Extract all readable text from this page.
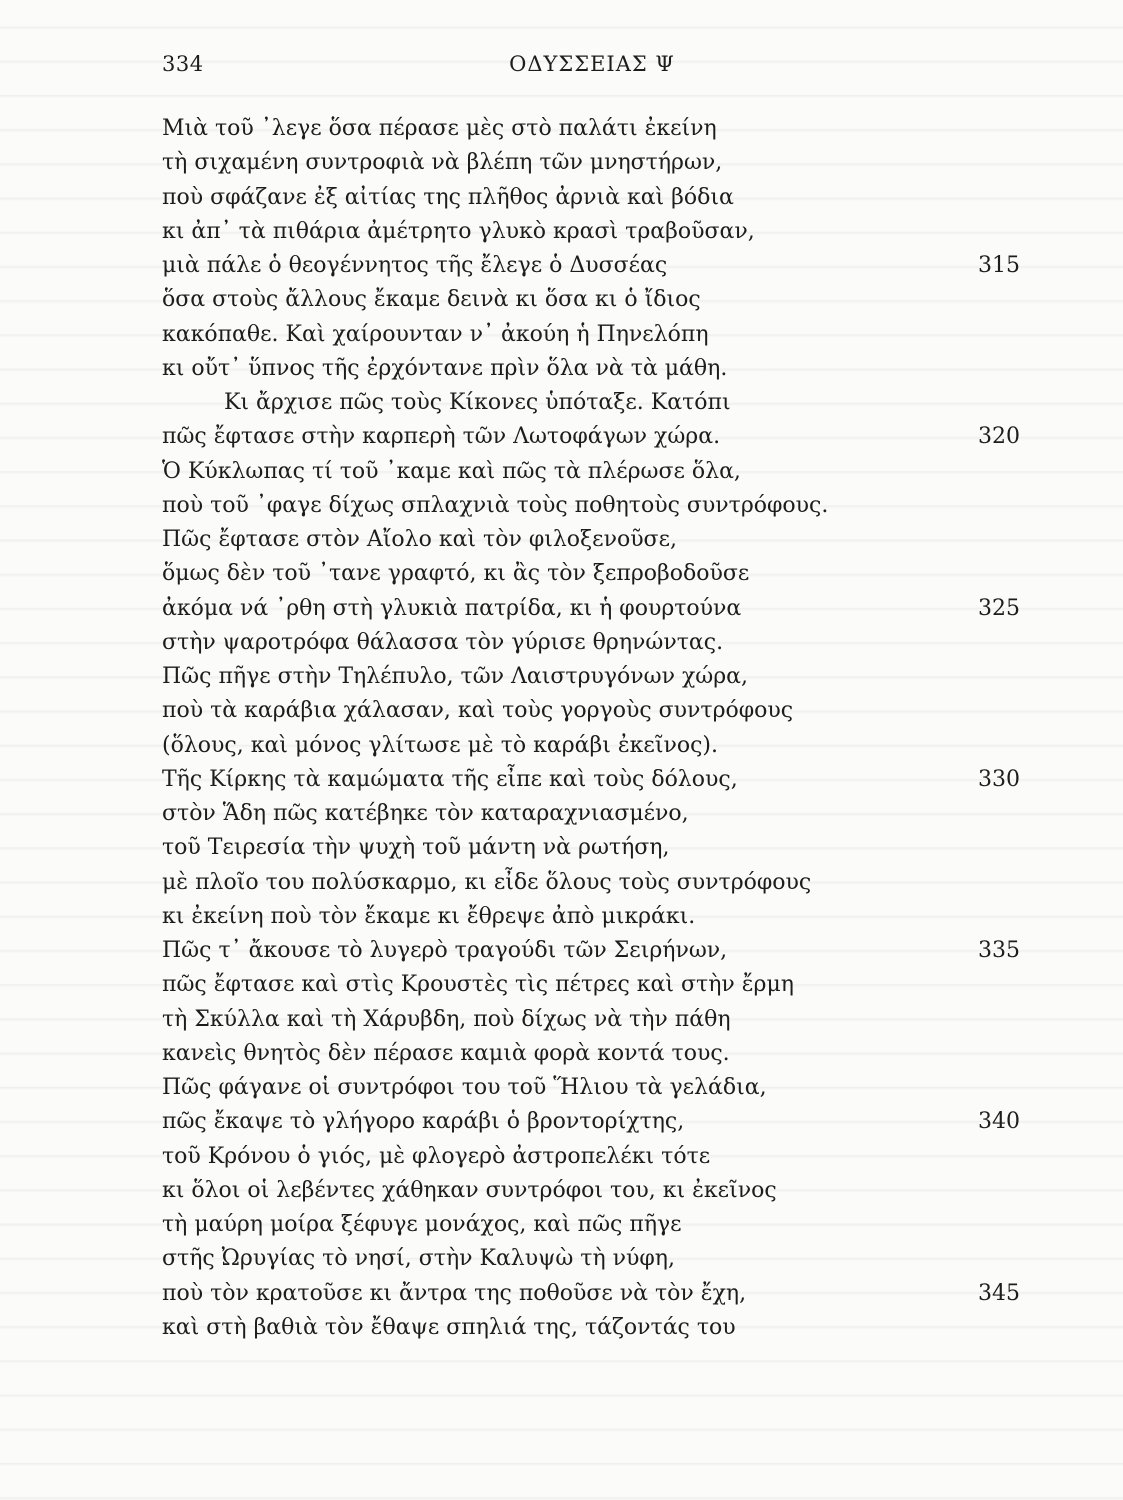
334	ΟΔΥΣΣΕΙΑΣ Ψ
Μιὰ τοῦ ᾿λεγε ὅσα πέρασε μὲς στὸ παλάτι ἐκείνη
τὴ σιχαμένη συντροφιὰ νὰ βλέπη τῶν μνηστήρων,
ποὺ σφάζανε ἐξ αἰτίας της πλῆθος ἀρνιὰ καὶ βόδια
κι ἀπ᾿ τὰ πιθάρια ἀμέτρητο γλυκὸ κρασὶ τραβοῦσαν,
μιὰ πάλε ὁ θεογέννητος τῆς ἔλεγε ὁ Δυσσέας	315
ὅσα στοὺς ἄλλους ἔκαμε δεινὰ κι ὅσα κι ὁ ἴδιος
κακόπαθε. Καὶ χαίρουνταν ν᾿ ἀκούη ἡ Πηνελόπη
κι οὔτ᾿ ὕπνος τῆς ἐρχόντανε πρὶν ὅλα νὰ τὰ μάθη.
Κι ἄρχισε πῶς τοὺς Κίκονες ὑπόταξε. Κατόπι
πῶς ἔφτασε στὴν καρπερὴ τῶν Λωτοφάγων χώρα.	320
Ὁ Κύκλωπας τί τοῦ ᾿καμε καὶ πῶς τὰ πλέρωσε ὅλα,
ποὺ τοῦ ᾿φαγε δίχως σπλαχνιὰ τοὺς ποθητοὺς συντρόφους.
Πῶς ἔφτασε στὸν Αἴολο καὶ τὸν φιλοξενοῦσε,
ὅμως δὲν τοῦ ᾿τανε γραφτό, κι ἂς τὸν ξεπροβοδοῦσε
ἀκόμα νά ᾿ρθη στὴ γλυκιὰ πατρίδα, κι ἡ φουρτούνα	325
στὴν ψαροτρόφα θάλασσα τὸν γύρισε θρηνώντας.
Πῶς πῆγε στὴν Τηλέπυλο, τῶν Λαιστρυγόνων χώρα,
ποὺ τὰ καράβια χάλασαν, καὶ τοὺς γοργοὺς συντρόφους
(ὅλους, καὶ μόνος γλίτωσε μὲ τὸ καράβι ἐκεῖνος).
Τῆς Κίρκης τὰ καμώματα τῆς εἶπε καὶ τοὺς δόλους,	330
στὸν Ἅδη πῶς κατέβηκε τὸν καταραχνιασμένο,
τοῦ Τειρεσία τὴν ψυχὴ τοῦ μάντη νὰ ρωτήση,
μὲ πλοῖο του πολύσκαρμο, κι εἶδε ὅλους τοὺς συντρόφους
κι ἐκείνη ποὺ τὸν ἔκαμε κι ἔθρεψε ἀπὸ μικράκι.
Πῶς τ᾿ ἄκουσε τὸ λυγερὸ τραγούδι τῶν Σειρήνων,	335
πῶς ἔφτασε καὶ στὶς Κρουστὲς τὶς πέτρες καὶ στὴν ἔρμη
τὴ Σκύλλα καὶ τὴ Χάρυβδη, ποὺ δίχως νὰ τὴν πάθη
κανεὶς θνητὸς δὲν πέρασε καμιὰ φορὰ κοντά τους.
Πῶς φάγανε οἱ συντρόφοι του τοῦ Ἥλιου τὰ γελάδια,
πῶς ἔκαψε τὸ γλήγορο καράβι ὁ βροντορίχτης,	340
τοῦ Κρόνου ὁ γιός, μὲ φλογερὸ ἀστροπελέκι τότε
κι ὅλοι οἱ λεβέντες χάθηκαν συντρόφοι του, κι ἐκεῖνος
τὴ μαύρη μοίρα ξέφυγε μονάχος, καὶ πῶς πῆγε
στῆς Ὠρυγίας τὸ νησί, στὴν Καλυψὼ τὴ νύφη,
ποὺ τὸν κρατοῦσε κι ἄντρα της ποθοῦσε νὰ τὸν ἔχη,	345
καὶ στὴ βαθιὰ τὸν ἔθαψε σπηλιά της, τάζοντάς του
